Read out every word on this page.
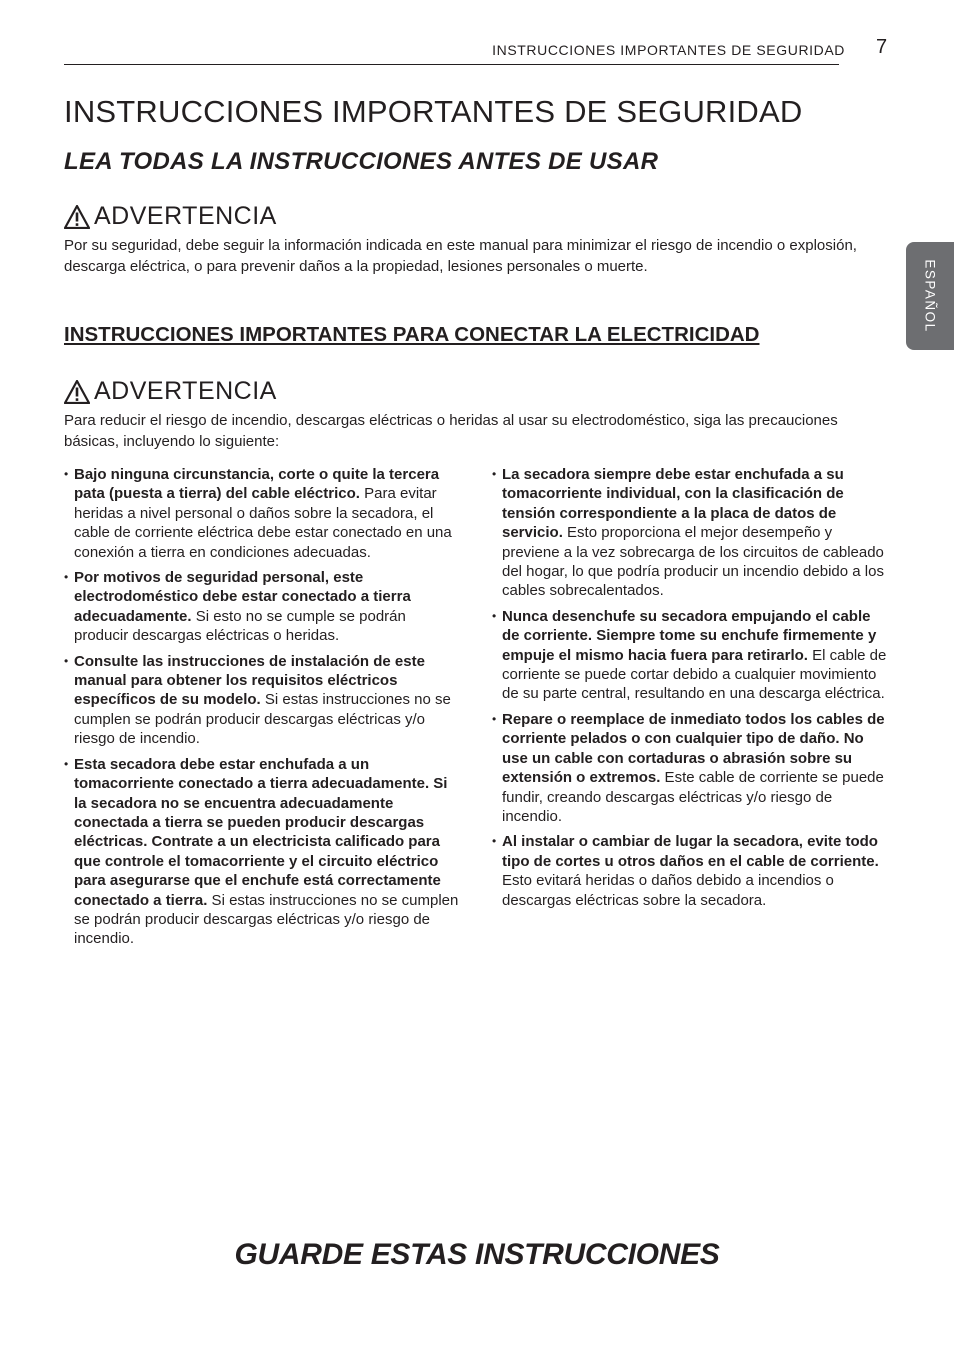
INSTRUCCIONES IMPORTANTES DE SEGURIDAD 7
ESPAÑOL
INSTRUCCIONES IMPORTANTES DE SEGURIDAD
LEA TODAS LA INSTRUCCIONES ANTES DE USAR
ADVERTENCIA

Por su seguridad, debe seguir la información indicada en este manual para minimizar el riesgo de incendio o explosión, descarga eléctrica, o para prevenir daños a la propiedad, lesiones personales o muerte.

INSTRUCCIONES IMPORTANTES PARA CONECTAR LA ELECTRICIDAD
ADVERTENCIA

Para reducir el riesgo de incendio, descargas eléctricas o heridas al usar su electrodoméstico, siga las precauciones básicas, incluyendo lo siguiente:

• Bajo ninguna circunstancia, corte o quite la tercera pata (puesta a tierra) del cable eléctrico. Para evitar heridas a nivel personal o daños sobre la secadora, el cable de corriente eléctrica debe estar conectado en una conexión a tierra en condiciones adecuadas.
• Por motivos de seguridad personal, este electrodoméstico debe estar conectado a tierra adecuadamente. Si esto no se cumple se podrán producir descargas eléctricas o heridas.
• Consulte las instrucciones de instalación de este manual para obtener los requisitos eléctricos específicos de su modelo. Si estas instrucciones no se cumplen se podrán producir descargas eléctricas y/o riesgo de incendio.
• Esta secadora debe estar enchufada a un tomacorriente conectado a tierra adecuadamente. Si la secadora no se encuentra adecuadamente conectada a tierra se pueden producir descargas eléctricas. Contrate a un electricista calificado para que controle el tomacorriente y el circuito eléctrico para asegurarse que el enchufe está correctamente conectado a tierra. Si estas instrucciones no se cumplen se podrán producir descargas eléctricas y/o riesgo de incendio.
• La secadora siempre debe estar enchufada a su tomacorriente individual, con la clasificación de tensión correspondiente a la placa de datos de servicio. Esto proporciona el mejor desempeño y previene a la vez sobrecarga de los circuitos de cableado del hogar, lo que podría producir un incendio debido a los cables sobrecalentados.
• Nunca desenchufe su secadora empujando el cable de corriente. Siempre tome su enchufe firmemente y empuje el mismo hacia fuera para retirarlo. El cable de corriente se puede cortar debido a cualquier movimiento de su parte central, resultando en una descarga eléctrica.
• Repare o reemplace de inmediato todos los cables de corriente pelados o con cualquier tipo de daño. No use un cable con cortaduras o abrasión sobre su extensión o extremos. Este cable de corriente se puede fundir, creando descargas eléctricas y/o riesgo de incendio.
• Al instalar o cambiar de lugar la secadora, evite todo tipo de cortes u otros daños en el cable de corriente. Esto evitará heridas o daños debido a incendios o descargas eléctricas sobre la secadora.
GUARDE ESTAS INSTRUCCIONES
